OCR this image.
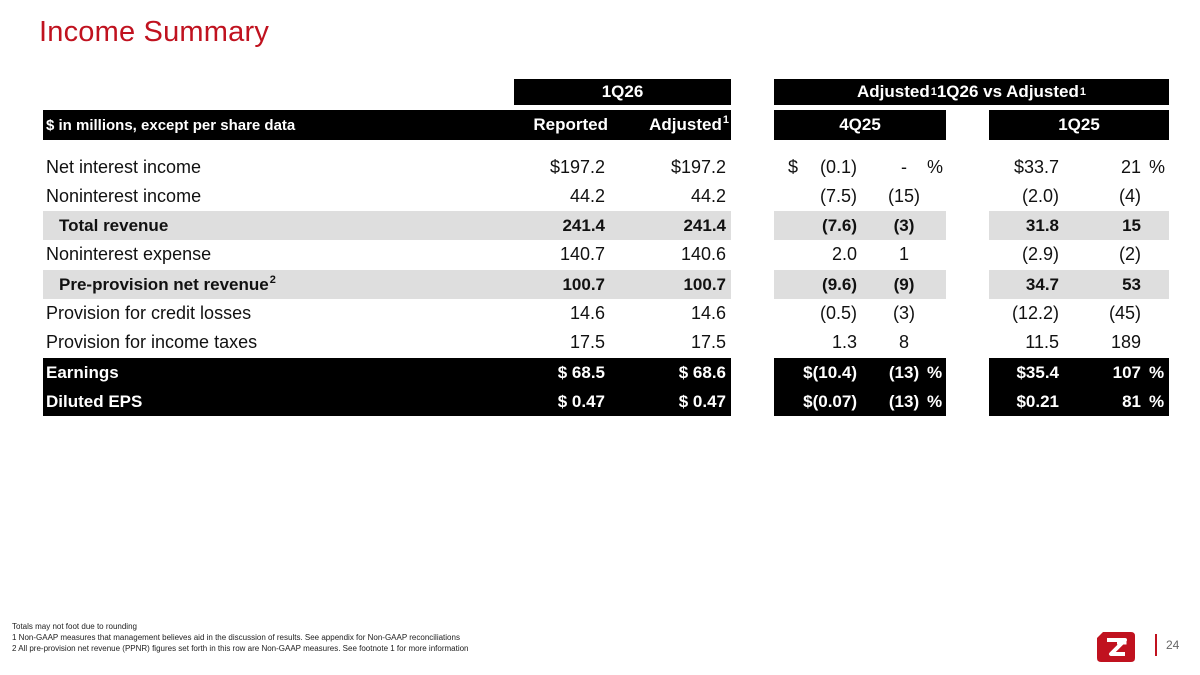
Income Summary
1Q26	Adjusted 1 1Q26 vs Adjusted 1
$ in millions, except per share data	Reported Adjusted$^1$	4Q25	1Q25
Net interest income	$197.2	$197.2	$	(0.1)	-	%	$33.7	21 %
Noninterest income	44.2	44.2	(7.5)	(15)	(2.0)	(4)
Total revenue	241.4	241.4	(7.6)	(3)	31.8	15
Noninterest expense	140.7	140.6	2.0	1	(2.9)	(2)
Pre-provision net revenue$^2$	100.7	100.7	(9.6)	(9)	34.7	53
Provision for credit losses	14.6	14.6	(0.5)	(3)	(12.2)	(45)
Provision for income taxes	17.5	17.5	1.3	8	11.5	189
Earnings	$ 68.5	$ 68.6	$(10.4)	(13) %	$35.4	107 %
Diluted EPS	$ 0.47	$ 0.47	$(0.07)	(13) %	$0.21	81 %
Totals may not foot due to rounding
1 Non-GAAP measures that management believes aid in the discussion of results. See appendix for Non-GAAP reconciliations
2 All pre-provision net revenue (PPNR) figures set forth in this row are Non-GAAP measures. See footnote 1 for more information	24
